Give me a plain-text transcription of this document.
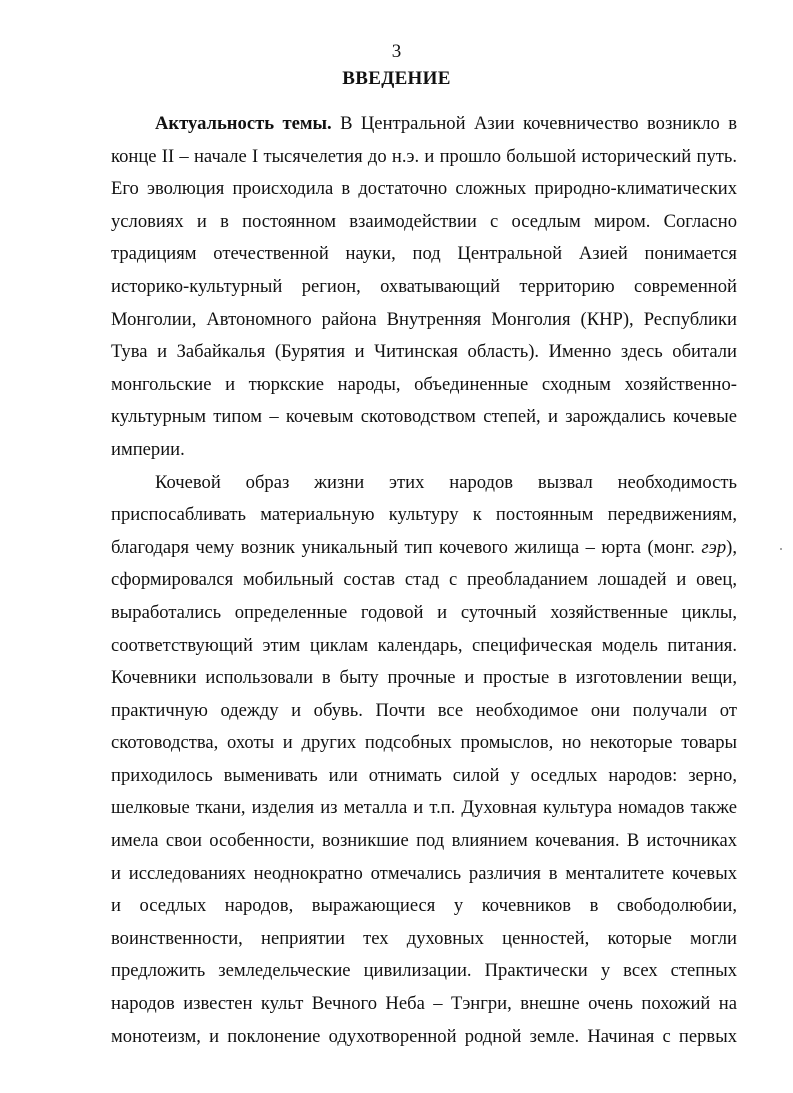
3
ВВЕДЕНИЕ
Актуальность темы. В Центральной Азии кочевничество возникло в
конце II – начале I тысячелетия до н.э. и прошло большой исторический путь.
Его эволюция происходила в достаточно сложных природно-климатических
условиях и в постоянном взаимодействии с оседлым миром. Согласно
традициям отечественной науки, под Центральной Азией понимается
историко-культурный регион, охватывающий территорию современной
Монголии, Автономного района Внутренняя Монголия (КНР), Республики
Тува и Забайкалья (Бурятия и Читинская область). Именно здесь обитали
монгольские и тюркские народы, объединенные сходным хозяйственно-
культурным типом – кочевым скотоводством степей, и зарождались кочевые
империи.
Кочевой образ жизни этих народов вызвал необходимость
приспосабливать материальную культуру к постоянным передвижениям,
благодаря чему возник уникальный тип кочевого жилища – юрта (монг. гэр),
сформировался мобильный состав стад с преобладанием лошадей и овец,
выработались определенные годовой и суточный хозяйственные циклы,
соответствующий этим циклам календарь, специфическая модель питания.
Кочевники использовали в быту прочные и простые в изготовлении вещи,
практичную одежду и обувь. Почти все необходимое они получали от
скотоводства, охоты и других подсобных промыслов, но некоторые товары
приходилось выменивать или отнимать силой у оседлых народов: зерно,
шелковые ткани, изделия из металла и т.п. Духовная культура номадов также
имела свои особенности, возникшие под влиянием кочевания. В источниках
и исследованиях неоднократно отмечались различия в менталитете кочевых
и оседлых народов, выражающиеся у кочевников в свободолюбии,
воинственности, неприятии тех духовных ценностей, которые могли
предложить земледельческие цивилизации. Практически у всех степных
народов известен культ Вечного Неба – Тэнгри, внешне очень похожий на
монотеизм, и поклонение одухотворенной родной земле. Начиная с первых
